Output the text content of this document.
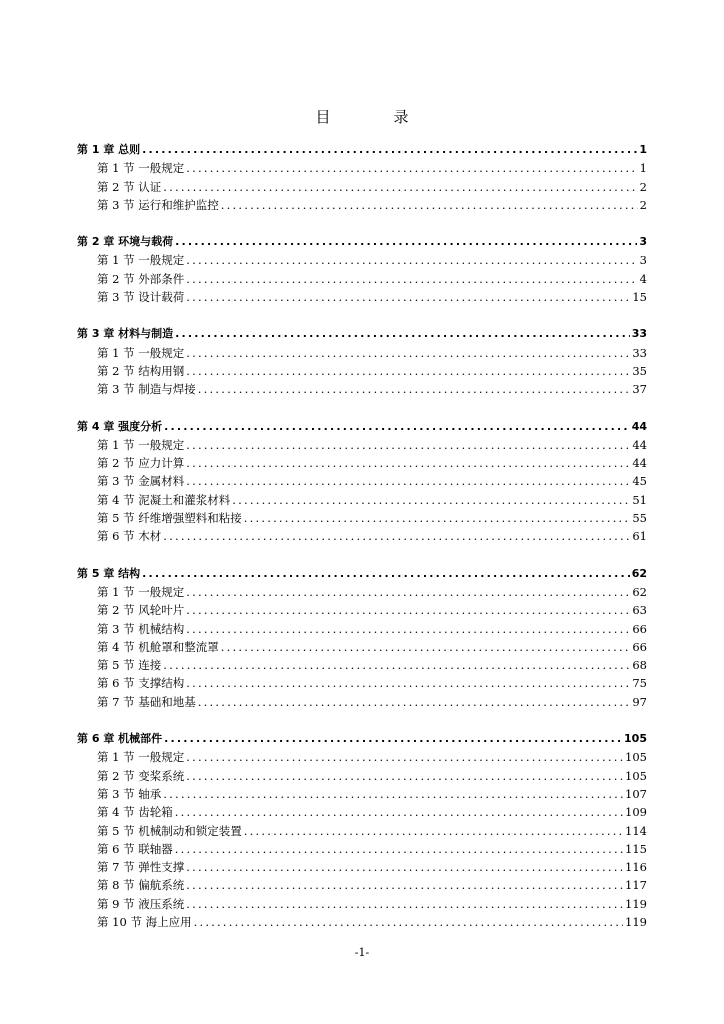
目　录
第 1 章 总则 .....	1
第 1 节 一般规定 .....	1
第 2 节 认证 .....	2
第 3 节 运行和维护监控 .....	2
第 2 章 环境与载荷 .....	3
第 1 节 一般规定 .....	3
第 2 节 外部条件 .....	4
第 3 节 设计载荷 .....	15
第 3 章 材料与制造 .....	33
第 1 节 一般规定 .....	33
第 2 节 结构用钢 .....	35
第 3 节 制造与焊接 .....	37
第 4 章 强度分析 .....	44
第 1 节 一般规定 .....	44
第 2 节 应力计算 .....	44
第 3 节 金属材料 .....	45
第 4 节 泥凝土和灌浆材料 .....	51
第 5 节 纤维增强塑料和粘接 .....	55
第 6 节 木材 .....	61
第 5 章 结构 .....	62
第 1 节 一般规定 .....	62
第 2 节 风轮叶片 .....	63
第 3 节 机械结构 .....	66
第 4 节 机舱罩和整流罩 .....	66
第 5 节 连接 .....	68
第 6 节 支撑结构 .....	75
第 7 节 基础和地基 .....	97
第 6 章 机械部件 .....	105
第 1 节 一般规定 .....	105
第 2 节 变桨系统 .....	105
第 3 节 轴承 .....	107
第 4 节 齿轮箱 .....	109
第 5 节 机械制动和锁定装置 .....	114
第 6 节 联轴器 .....	115
第 7 节 弹性支撑 .....	116
第 8 节 偏航系统 .....	117
第 9 节 液压系统 .....	119
第 10 节 海上应用 .....	119
-1-
